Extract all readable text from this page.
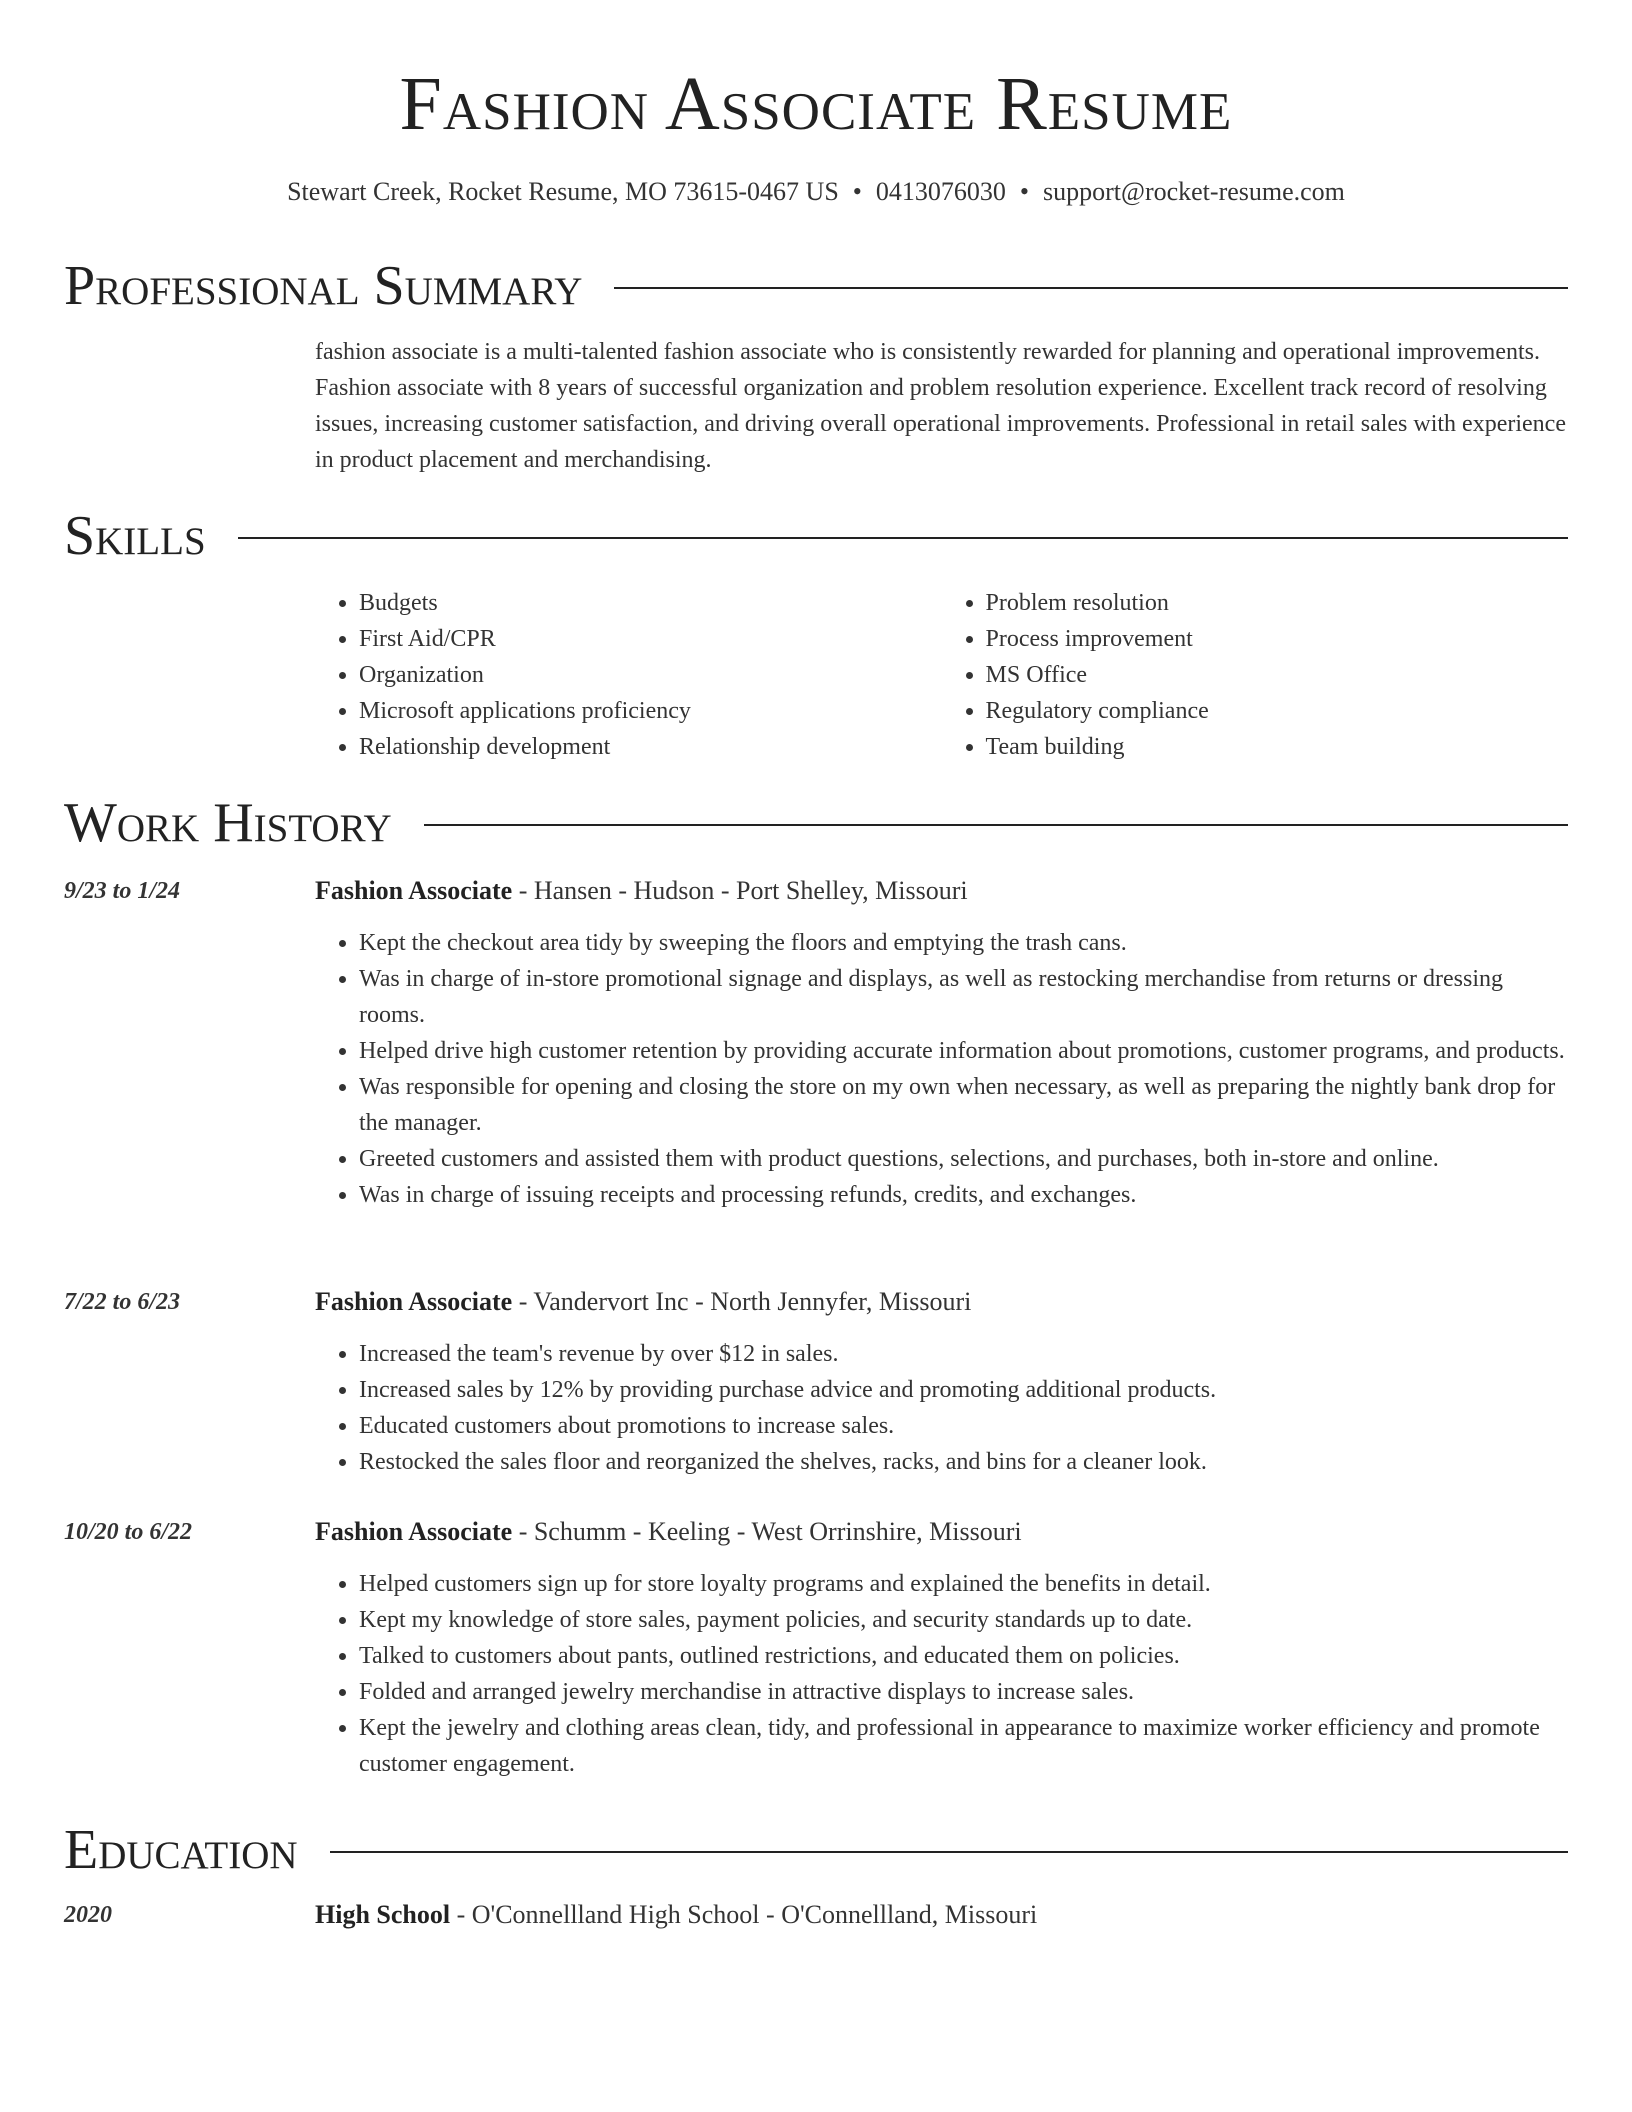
Fashion Associate Resume
Stewart Creek, Rocket Resume, MO 73615-0467 US • 0413076030 • support@rocket-resume.com
Professional Summary

fashion associate is a multi-talented fashion associate who is consistently rewarded for planning and operational improvements. Fashion associate with 8 years of successful organization and problem resolution experience. Excellent track record of resolving issues, increasing customer satisfaction, and driving overall operational improvements. Professional in retail sales with experience in product placement and merchandising.

Skills
• Budgets
• First Aid/CPR
• Organization
• Microsoft applications proficiency
• Relationship development
• Problem resolution
• Process improvement
• MS Office
• Regulatory compliance
• Team building
Work History
9/23 to 1/24	Fashion Associate - Hansen - Hudson - Port Shelley, Missouri
• Kept the checkout area tidy by sweeping the floors and emptying the trash cans.
• Was in charge of in-store promotional signage and displays, as well as restocking merchandise from returns or dressing rooms.
• Helped drive high customer retention by providing accurate information about promotions, customer programs, and products.
• Was responsible for opening and closing the store on my own when necessary, as well as preparing the nightly bank drop for the manager.
• Greeted customers and assisted them with product questions, selections, and purchases, both in-store and online.
• Was in charge of issuing receipts and processing refunds, credits, and exchanges.
7/22 to 6/23	Fashion Associate - Vandervort Inc - North Jennyfer, Missouri
• Increased the team's revenue by over $12 in sales.
• Increased sales by 12% by providing purchase advice and promoting additional products.
• Educated customers about promotions to increase sales.
• Restocked the sales floor and reorganized the shelves, racks, and bins for a cleaner look.
10/20 to 6/22	Fashion Associate - Schumm - Keeling - West Orrinshire, Missouri
• Helped customers sign up for store loyalty programs and explained the benefits in detail.
• Kept my knowledge of store sales, payment policies, and security standards up to date.
• Talked to customers about pants, outlined restrictions, and educated them on policies.
• Folded and arranged jewelry merchandise in attractive displays to increase sales.
• Kept the jewelry and clothing areas clean, tidy, and professional in appearance to maximize worker efficiency and promote customer engagement.
Education
2020	High School - O'Connellland High School - O'Connellland, Missouri
